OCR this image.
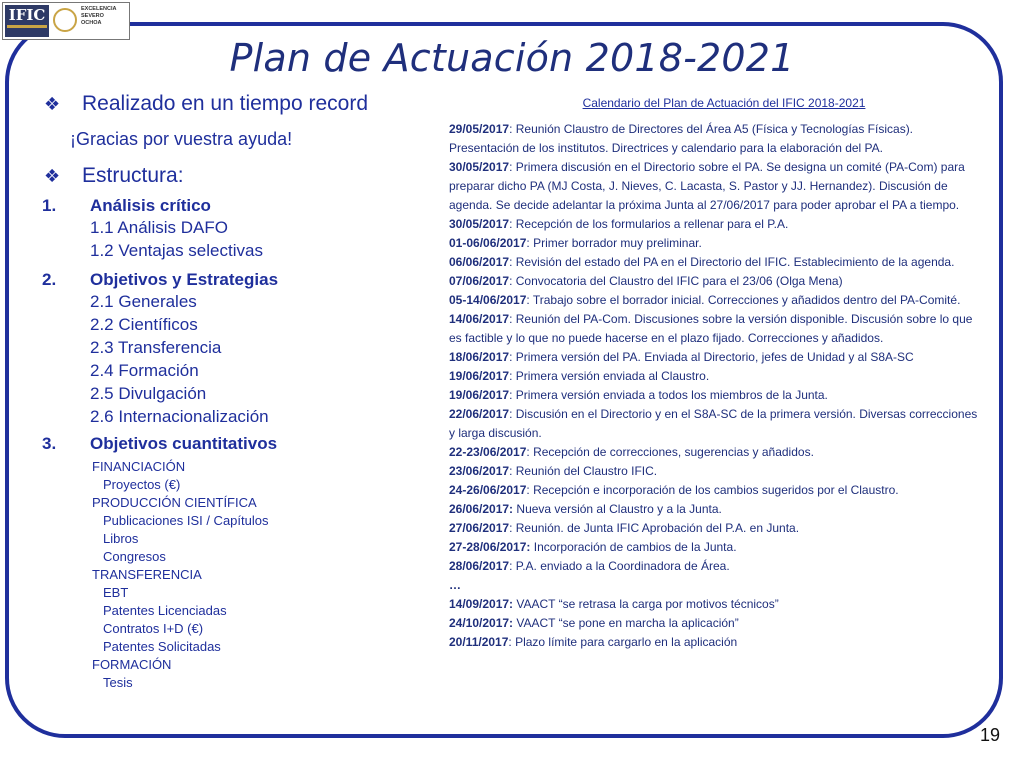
IFIC	EXCELENCIA
SEVERO
OCHOA
Plan de Actuación 2018-2021
❖ Realizado en un tiempo record
¡Gracias por vuestra ayuda!
❖ Estructura:
1.	Análisis crítico
1.1 Análisis DAFO
1.2 Ventajas selectivas
2.	Objetivos y Estrategias
2.1 Generales
2.2 Científicos
2.3 Transferencia
2.4 Formación
2.5 Divulgación
2.6 Internacionalización
3.	Objetivos cuantitativos
FINANCIACIÓN
Proyectos (€)
PRODUCCIÓN CIENTÍFICA
Publicaciones ISI / Capítulos
Libros
Congresos
TRANSFERENCIA
EBT
Patentes Licenciadas
Contratos I+D (€)
Patentes Solicitadas
FORMACIÓN
Tesis
Calendario del Plan de Actuación del IFIC 2018-2021
29/05/2017: Reunión Claustro de Directores del Área A5 (Física y Tecnologías Físicas). Presentación de los institutos. Directrices y calendario para la elaboración del PA.
30/05/2017: Primera discusión en el Directorio sobre el PA. Se designa un comité (PA-Com) para preparar dicho PA (MJ Costa, J. Nieves, C. Lacasta, S. Pastor y JJ. Hernandez). Discusión de agenda. Se decide adelantar la próxima Junta al 27/06/2017 para poder aprobar el PA a tiempo.
30/05/2017: Recepción de los formularios a rellenar para el P.A.
01-06/06/2017: Primer borrador muy preliminar.
06/06/2017: Revisión del estado del PA en el Directorio del IFIC. Establecimiento de la agenda.
07/06/2017: Convocatoria del Claustro del IFIC para el 23/06 (Olga Mena)
05-14/06/2017: Trabajo sobre el borrador inicial. Correcciones y añadidos dentro del PA-Comité.
14/06/2017: Reunión del PA-Com. Discusiones sobre la versión disponible. Discusión sobre lo que es factible y lo que no puede hacerse en el plazo fijado. Correcciones y añadidos.
18/06/2017: Primera versión del PA. Enviada al Directorio, jefes de Unidad y al S8A-SC
19/06/2017: Primera versión enviada al Claustro.
19/06/2017: Primera versión enviada a todos los miembros de la Junta.
22/06/2017: Discusión en el Directorio y en el S8A-SC de la primera versión. Diversas correcciones y larga discusión.
22-23/06/2017: Recepción de correcciones, sugerencias y añadidos.
23/06/2017: Reunión del Claustro IFIC.
24-26/06/2017: Recepción e incorporación de los cambios sugeridos por el Claustro.
26/06/2017: Nueva versión al Claustro y a la Junta.
27/06/2017: Reunión. de Junta IFIC Aprobación del P.A. en Junta.
27-28/06/2017: Incorporación de cambios de la Junta.
28/06/2017: P.A. enviado a la Coordinadora de Área.
…
14/09/2017: VAACT “se retrasa la carga por motivos técnicos”
24/10/2017: VAACT “se pone en marcha la aplicación”
20/11/2017: Plazo límite para cargarlo en la aplicación
19
